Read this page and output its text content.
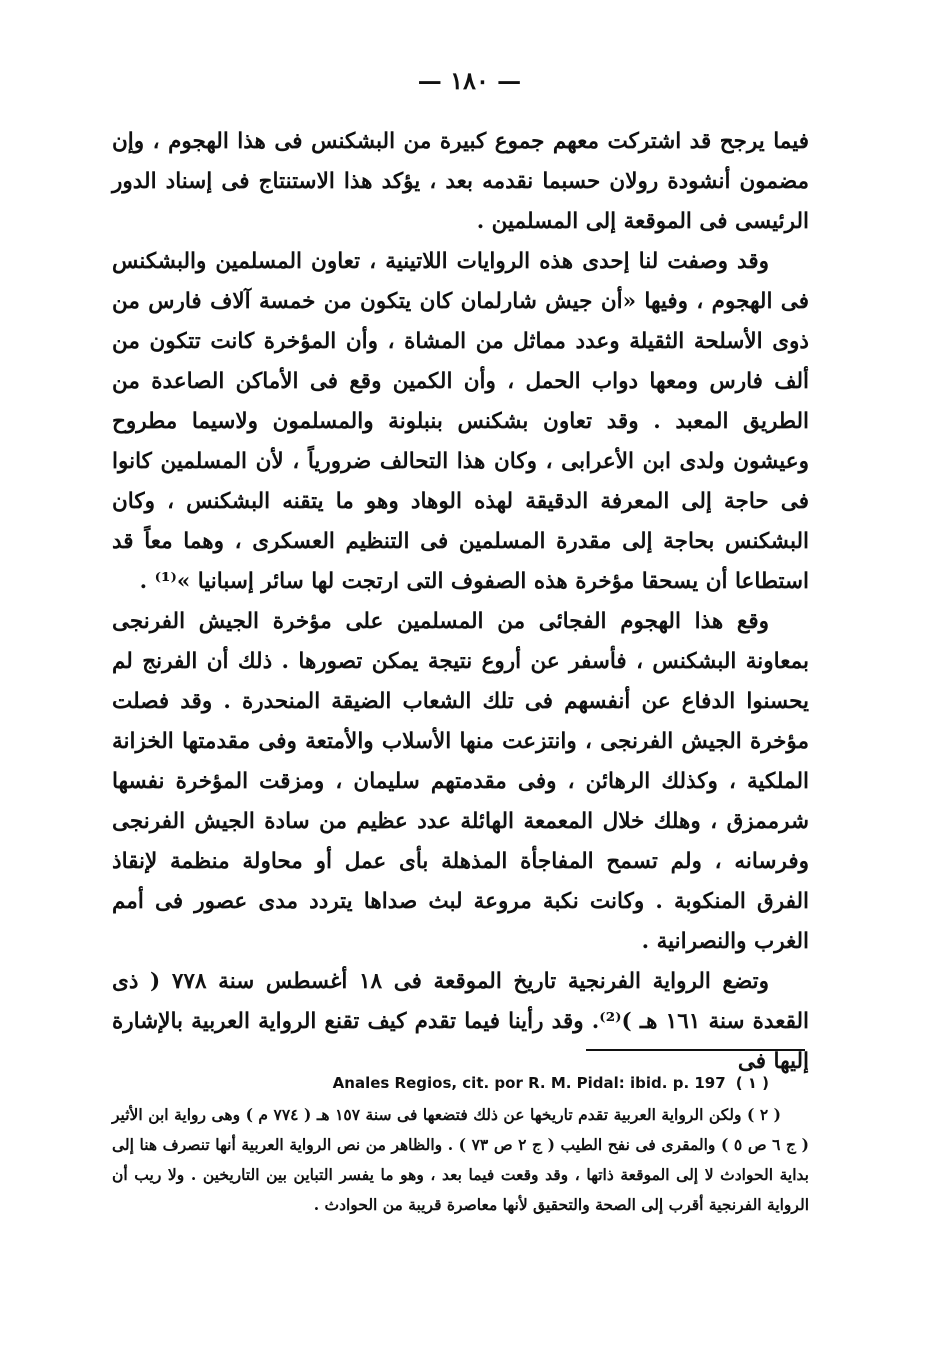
— ١٨٠ —

فيما يرجح قد اشتركت معهم جموع كبيرة من البشكنس فى هذا الهجوم ، وإن مضمون أنشودة رولان حسبما نقدمه بعد ، يؤكد هذا الاستنتاج فى إسناد الدور الرئيسى فى الموقعة إلى المسلمين .

وقد وصفت لنا إحدى هذه الروايات اللاتينية ، تعاون المسلمين والبشكنس فى الهجوم ، وفيها «أن جيش شارلمان كان يتكون من خمسة آلاف فارس من ذوى الأسلحة الثقيلة وعدد مماثل من المشاة ، وأن المؤخرة كانت تتكون من ألف فارس ومعها دواب الحمل ، وأن الكمين وقع فى الأماكن الصاعدة من الطريق المعبد . وقد تعاون بشكنس بنبلونة والمسلمون ولاسيما مطروح وعيشون ولدى ابن الأعرابى ، وكان هذا التحالف ضرورياً ، لأن المسلمين كانوا فى حاجة إلى المعرفة الدقيقة لهذه الوهاد وهو ما يتقنه البشكنس ، وكان البشكنس بحاجة إلى مقدرة المسلمين فى التنظيم العسكرى ، وهما معاً قد استطاعا أن يسحقا مؤخرة هذه الصفوف التى ارتجت لها سائر إسبانيا »⁽¹⁾ .

وقع هذا الهجوم الفجائى من المسلمين على مؤخرة الجيش الفرنجى بمعاونة البشكنس ، فأسفر عن أروع نتيجة يمكن تصورها . ذلك أن الفرنج لم يحسنوا الدفاع عن أنفسهم فى تلك الشعاب الضيقة المنحدرة . وقد فصلت مؤخرة الجيش الفرنجى ، وانتزعت منها الأسلاب والأمتعة وفى مقدمتها الخزانة الملكية ، وكذلك الرهائن ، وفى مقدمتهم سليمان ، ومزقت المؤخرة نفسها شرممزق ، وهلك خلال المعمعة الهائلة عدد عظيم من سادة الجيش الفرنجى وفرسانه ، ولم تسمح المفاجأة المذهلة بأى عمل أو محاولة منظمة لإنقاذ الفرق المنكوبة . وكانت نكبة مروعة لبث صداها يتردد مدى عصور فى أمم الغرب والنصرانية .

وتضع الرواية الفرنجية تاريخ الموقعة فى ١٨ أغسطس سنة ٧٧٨ ( ذى القعدة سنة ١٦١ هـ )⁽²⁾. وقد رأينا فيما تقدم كيف تقنع الرواية العربية بالإشارة إليها فى

Anales Regios, cit. por R. M. Pidal: ibid. p. 197 ( ١ )
( ٢ ) ولكن الرواية العربية تقدم تاريخها عن ذلك فتضعها فى سنة ١٥٧ هـ ( ٧٧٤ م ) وهى رواية ابن الأثير ( ج ٦ ص ٥ ) والمقرى فى نفح الطيب ( ج ٢ ص ٧٣ ) . والظاهر من نص الرواية العربية أنها تنصرف هنا إلى بداية الحوادث لا إلى الموقعة ذاتها ، وقد وقعت فيما بعد ، وهو ما يفسر التباين بين التاريخين . ولا ريب أن الرواية الفرنجية أقرب إلى الصحة والتحقيق لأنها معاصرة قريبة من الحوادث .
